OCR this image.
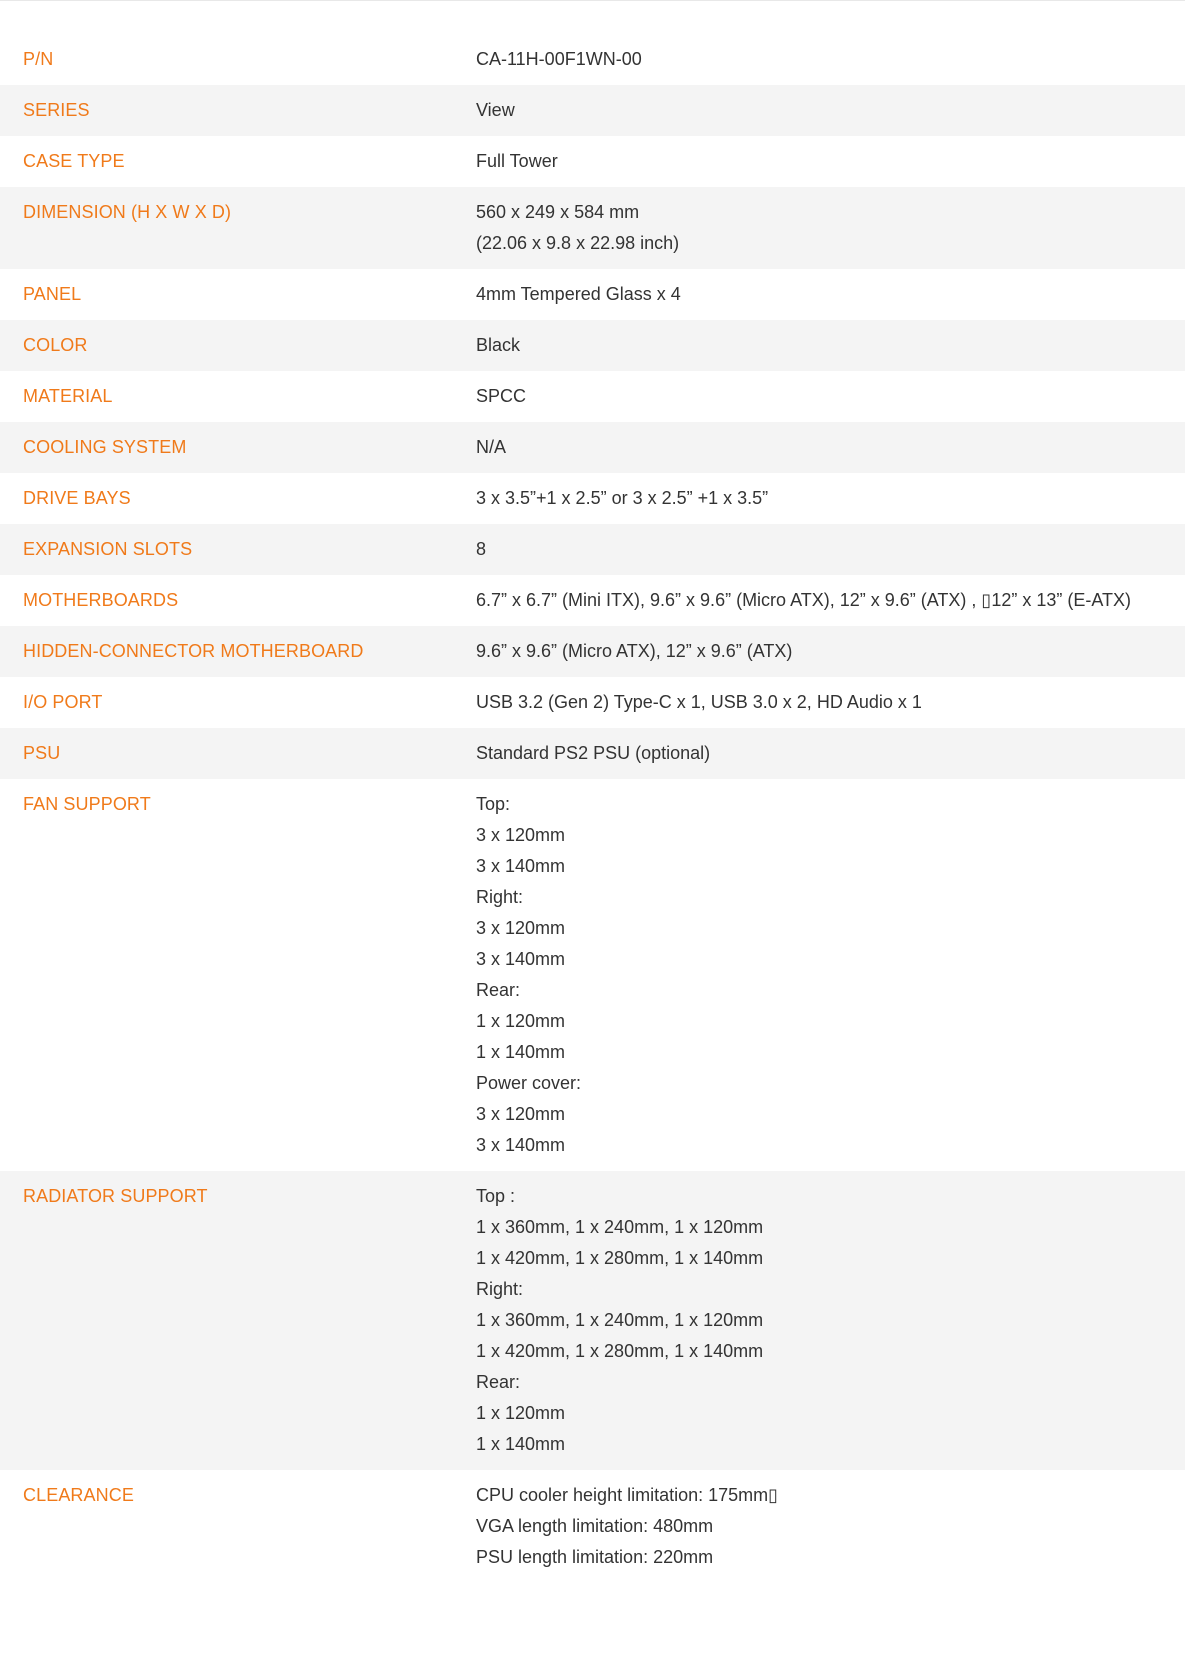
P/N	CA-11H-00F1WN-00
SERIES	View
CASE TYPE	Full Tower
DIMENSION (H X W X D)	560 x 249 x 584 mm
(22.06 x 9.8 x 22.98 inch)
PANEL	4mm Tempered Glass x 4
COLOR	Black
MATERIAL	SPCC
COOLING SYSTEM	N/A
DRIVE BAYS	3 x 3.5”+1 x 2.5” or 3 x 2.5” +1 x 3.5”
EXPANSION SLOTS	8
MOTHERBOARDS	6.7” x 6.7” (Mini ITX), 9.6” x 9.6” (Micro ATX), 12” x 9.6” (ATX) , ▯12” x 13” (E-ATX)
HIDDEN-CONNECTOR MOTHERBOARD	9.6” x 9.6” (Micro ATX), 12” x 9.6” (ATX)
I/O PORT	USB 3.2 (Gen 2) Type-C x 1, USB 3.0 x 2, HD Audio x 1
PSU	Standard PS2 PSU (optional)
FAN SUPPORT	Top:
3 x 120mm
3 x 140mm
Right:
3 x 120mm
3 x 140mm
Rear:
1 x 120mm
1 x 140mm
Power cover:
3 x 120mm
3 x 140mm
RADIATOR SUPPORT	Top :
1 x 360mm, 1 x 240mm, 1 x 120mm
1 x 420mm, 1 x 280mm, 1 x 140mm
Right:
1 x 360mm, 1 x 240mm, 1 x 120mm
1 x 420mm, 1 x 280mm, 1 x 140mm
Rear:
1 x 120mm
1 x 140mm
CLEARANCE	CPU cooler height limitation: 175mm▯
VGA length limitation: 480mm
PSU length limitation: 220mm
